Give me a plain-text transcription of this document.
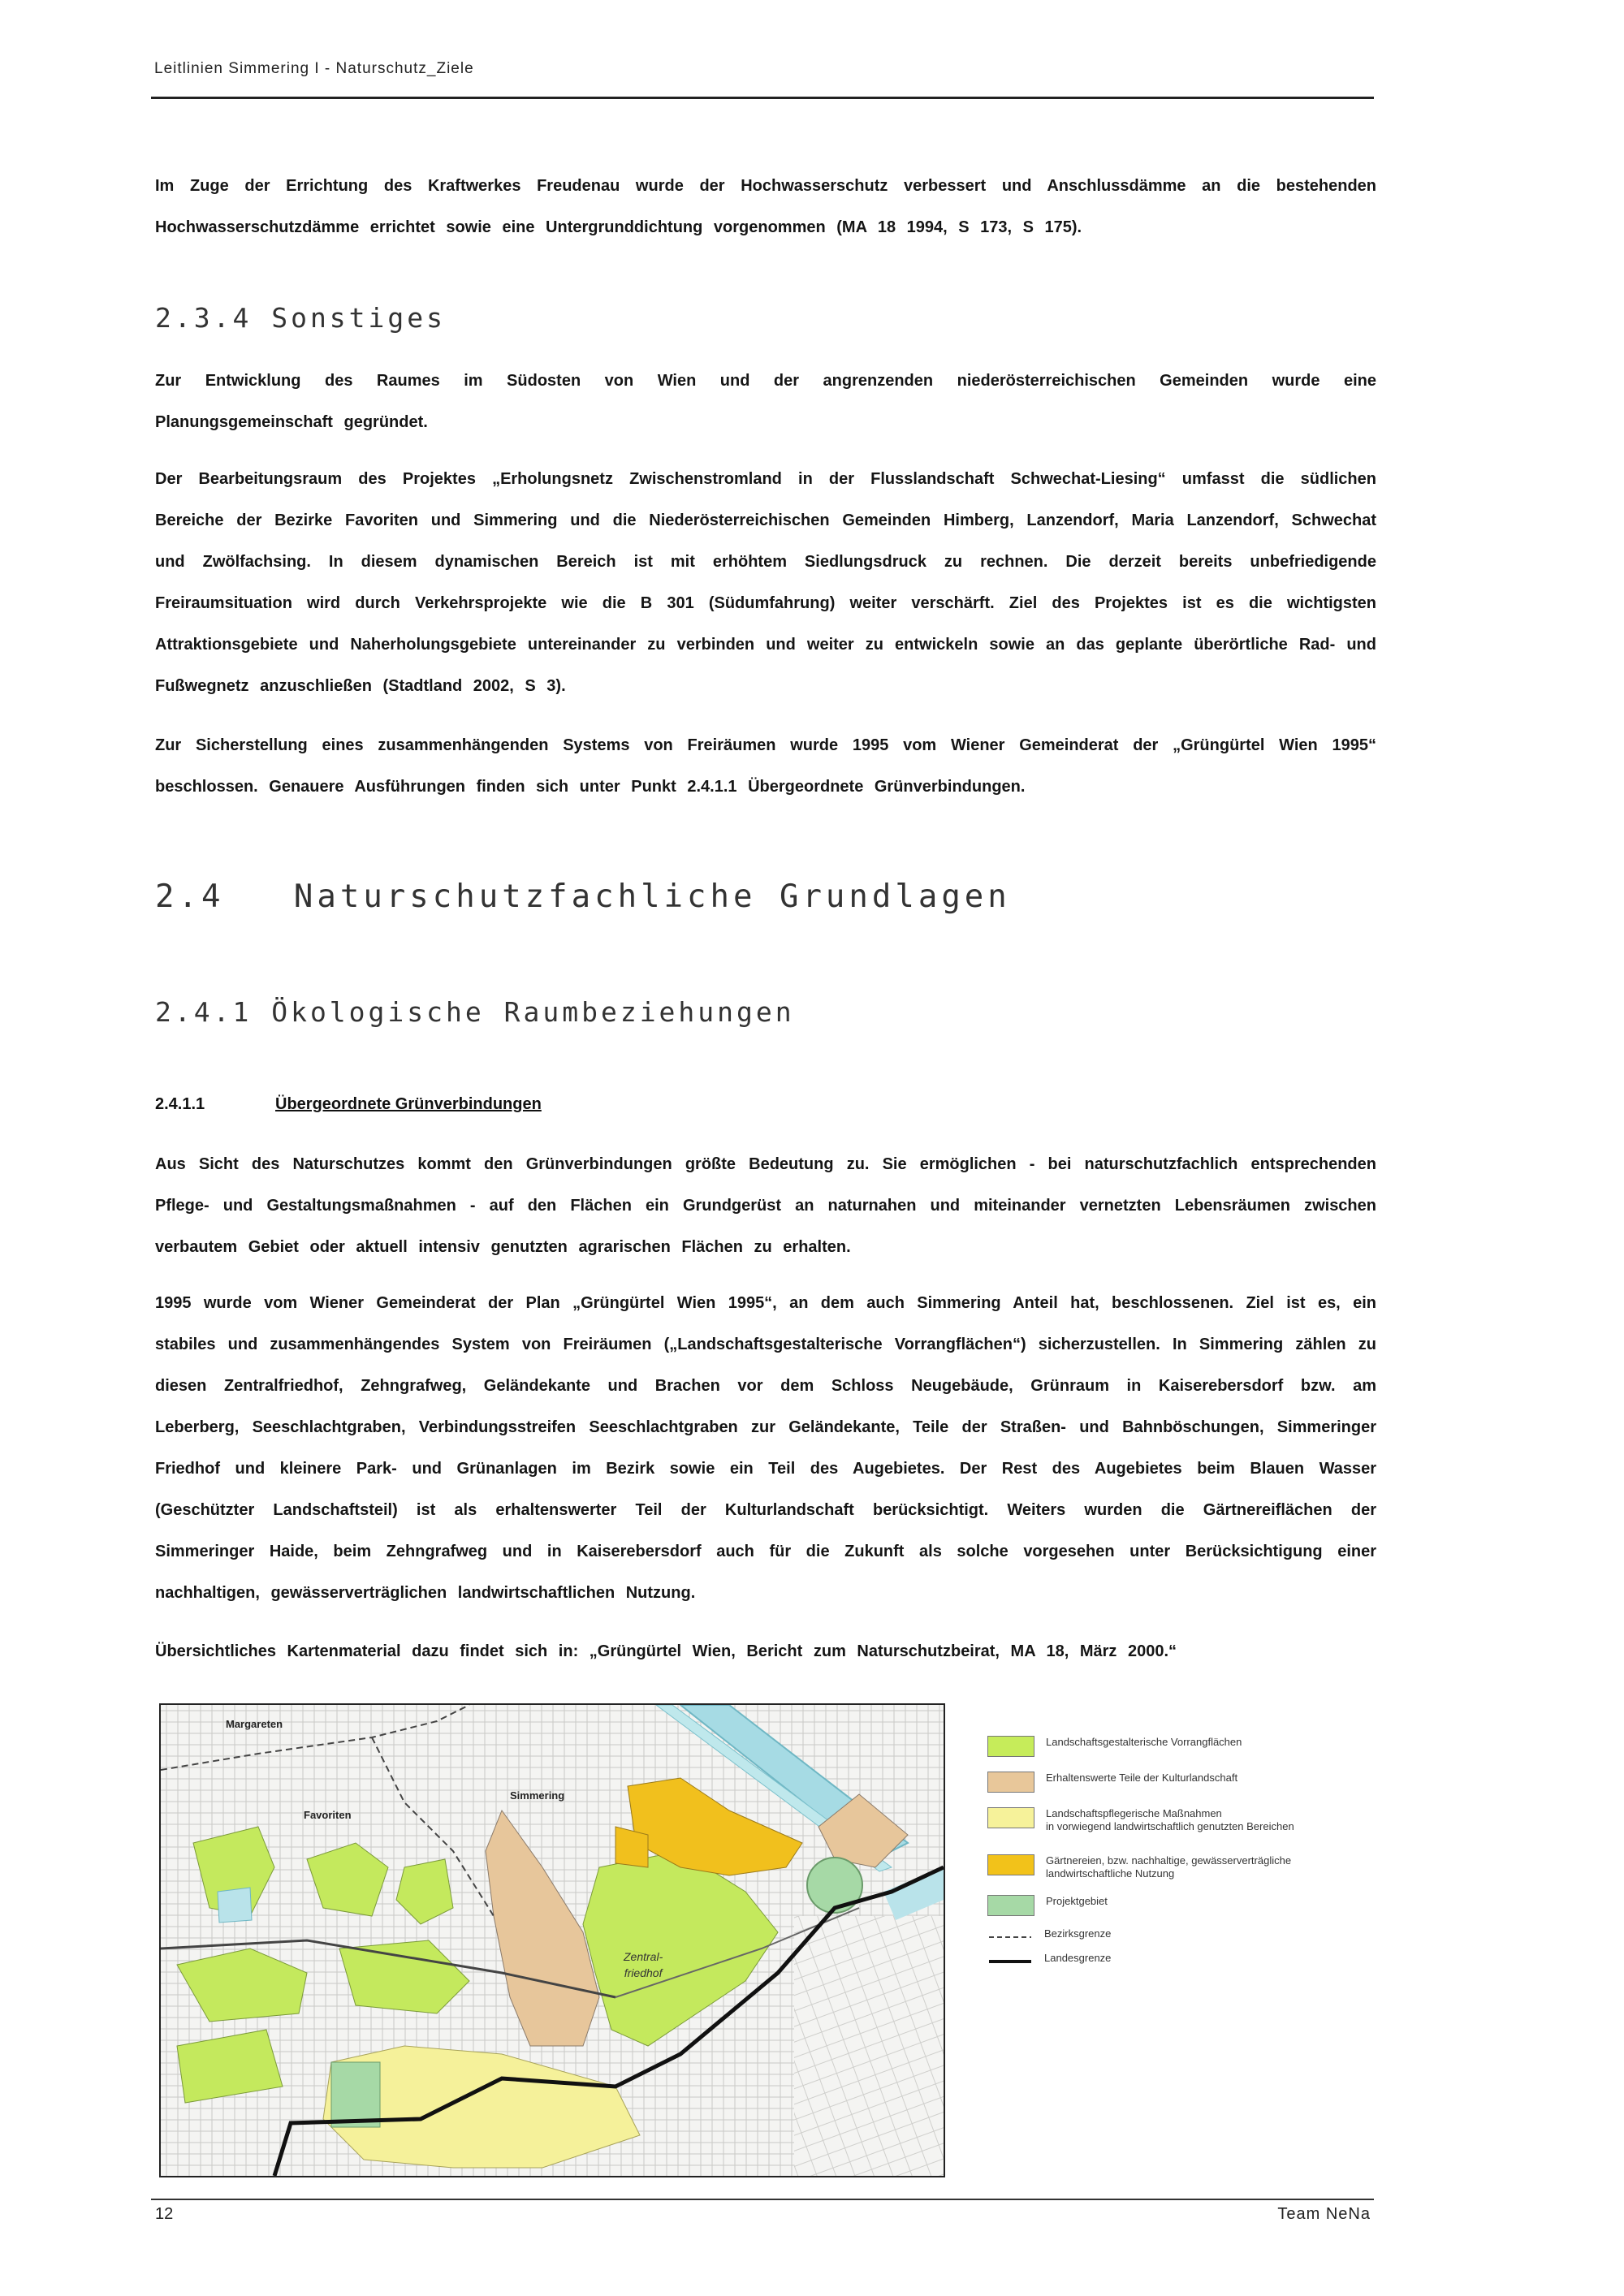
Leitlinien Simmering I - Naturschutz_Ziele

Im Zuge der Errichtung des Kraftwerkes Freudenau wurde der Hochwasserschutz verbessert und Anschlussdämme an die bestehenden Hochwasserschutzdämme errichtet sowie eine Untergrunddichtung vorgenommen (MA 18 1994, S 173, S 175).

2.3.4 Sonstiges

Zur Entwicklung des Raumes im Südosten von Wien und der angrenzenden niederösterreichischen Gemeinden wurde eine Planungsgemeinschaft gegründet.

Der Bearbeitungsraum des Projektes „Erholungsnetz Zwischenstromland in der Flusslandschaft Schwechat-Liesing“ umfasst die südlichen Bereiche der Bezirke Favoriten und Simmering und die Niederösterreichischen Gemeinden Himberg, Lanzendorf, Maria Lanzendorf, Schwechat und Zwölfachsing. In diesem dynamischen Bereich ist mit erhöhtem Siedlungsdruck zu rechnen. Die derzeit bereits unbefriedigende Freiraumsituation wird durch Verkehrsprojekte wie die B 301 (Südumfahrung) weiter verschärft. Ziel des Projektes ist es die wichtigsten Attraktionsgebiete und Naherholungsgebiete untereinander zu verbinden und weiter zu entwickeln sowie an das geplante überörtliche Rad- und Fußwegnetz anzuschließen (Stadtland 2002, S 3).

Zur Sicherstellung eines zusammenhängenden Systems von Freiräumen wurde 1995 vom Wiener Gemeinderat der „Grüngürtel Wien 1995“ beschlossen. Genauere Ausführungen finden sich unter Punkt 2.4.1.1 Übergeordnete Grünverbindungen.

2.4   Naturschutzfachliche Grundlagen
2.4.1 Ökologische Raumbeziehungen
2.4.1.1	Übergeordnete Grünverbindungen

Aus Sicht des Naturschutzes kommt den Grünverbindungen größte Bedeutung zu. Sie ermöglichen - bei naturschutzfachlich entsprechenden Pflege- und Gestaltungsmaßnahmen - auf den Flächen ein Grundgerüst an naturnahen und miteinander vernetzten Lebensräumen zwischen verbautem Gebiet oder aktuell intensiv genutzten agrarischen Flächen zu erhalten.

1995 wurde vom Wiener Gemeinderat der Plan „Grüngürtel Wien 1995“, an dem auch Simmering Anteil hat, beschlossenen. Ziel ist es, ein stabiles und zusammenhängendes System von Freiräumen („Landschaftsgestalterische Vorrangflächen“) sicherzustellen. In Simmering zählen zu diesen Zentralfriedhof, Zehngrafweg, Geländekante und Brachen vor dem Schloss Neugebäude, Grünraum in Kaiserebersdorf bzw. am Leberberg, Seeschlachtgraben, Verbindungsstreifen Seeschlachtgraben zur Geländekante, Teile der Straßen- und Bahnböschungen, Simmeringer Friedhof und kleinere Park- und Grünanlagen im Bezirk sowie ein Teil des Augebietes. Der Rest des Augebietes beim Blauen Wasser (Geschützter Landschaftsteil) ist als erhaltenswerter Teil der Kulturlandschaft berücksichtigt. Weiters wurden die Gärtnereiflächen der Simmeringer Haide, beim Zehngrafweg und in Kaiserebersdorf auch für die Zukunft als solche vorgesehen unter Berücksichtigung einer nachhaltigen, gewässerverträglichen landwirtschaftlichen Nutzung.

Übersichtliches Kartenmaterial dazu findet sich in: „Grüngürtel Wien, Bericht zum Naturschutzbeirat, MA 18, März 2000.“

Margareten
Favoriten
Simmering
Zentral-
friedhof
Landschaftsgestalterische Vorrangflächen
Erhaltenswerte Teile der Kulturlandschaft
Landschaftspflegerische Maßnahmen
in vorwiegend landwirtschaftlich genutzten Bereichen
Gärtnereien, bzw. nachhaltige, gewässerverträgliche
landwirtschaftliche Nutzung
Projektgebiet
Bezirksgrenze
Landesgrenze
12	Team NeNa
